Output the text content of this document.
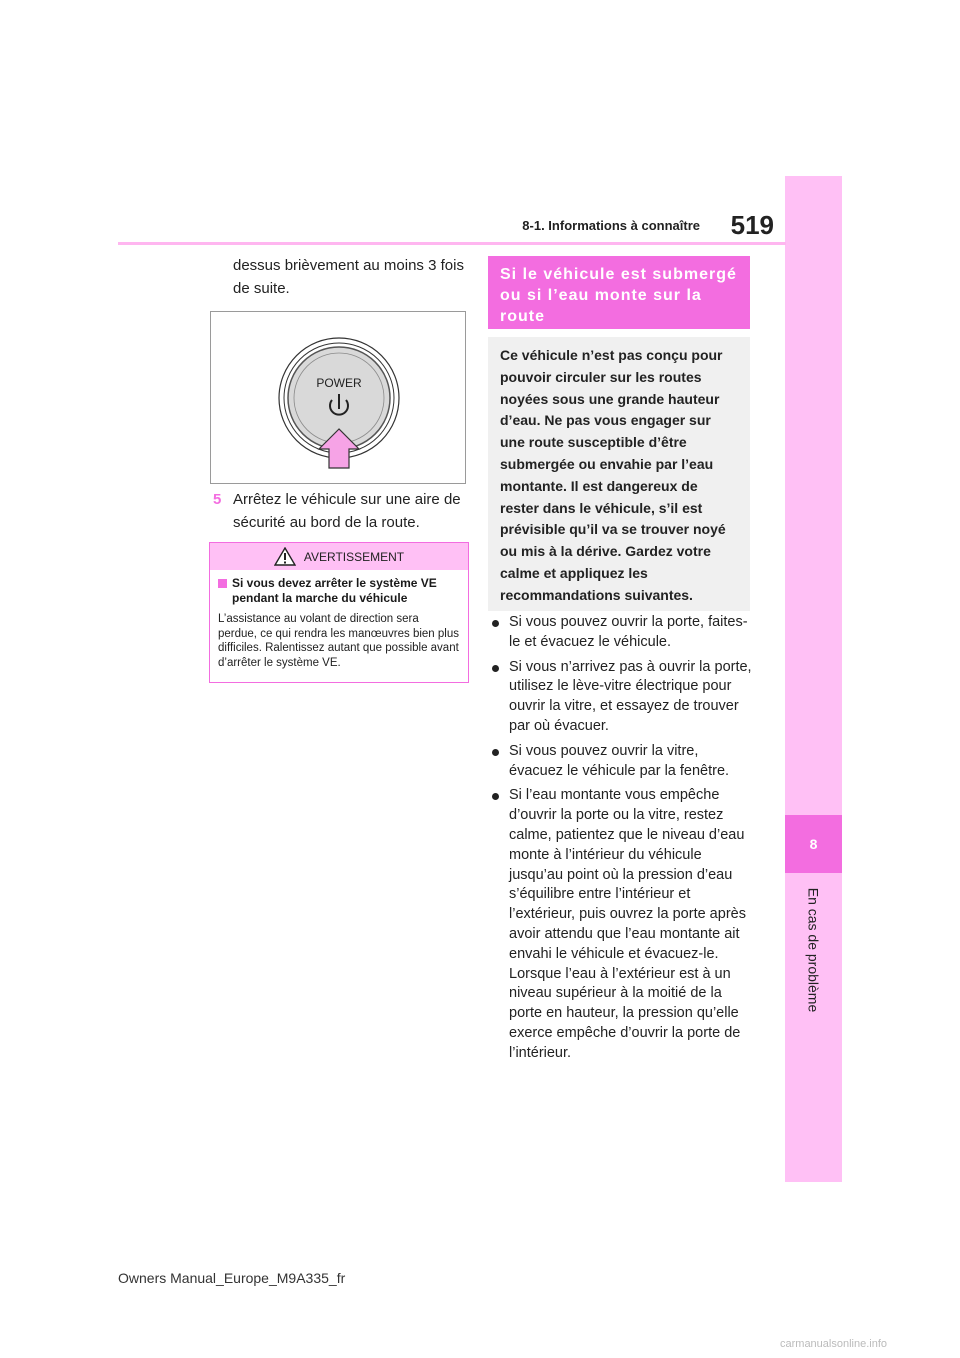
8
En cas de problème
8-1. Informations à connaître	519
dessus brièvement au moins 3 fois de suite.
POWER
5 Arrêtez le véhicule sur une aire de sécurité au bord de la route.
AVERTISSEMENT
Si vous devez arrêter le système VE pendant la marche du véhicule
L’assistance au volant de direction sera perdue, ce qui rendra les manœuvres bien plus difficiles. Ralentissez autant que possible avant d’arrêter le système VE.
Si le véhicule est submergé ou si l’eau monte sur la route
Ce véhicule n’est pas conçu pour pouvoir circuler sur les routes noyées sous une grande hauteur d’eau. Ne pas vous engager sur une route susceptible d’être submergée ou envahie par l’eau montante. Il est dangereux de rester dans le véhicule, s’il est prévisible qu’il va se trouver noyé ou mis à la dérive. Gardez votre calme et appliquez les recommandations suivantes.
Si vous pouvez ouvrir la porte, faites-le et évacuez le véhicule.
Si vous n’arrivez pas à ouvrir la porte, utilisez le lève-vitre électrique pour ouvrir la vitre, et essayez de trouver par où évacuer.
Si vous pouvez ouvrir la vitre, évacuez le véhicule par la fenêtre.
Si l’eau montante vous empêche d’ouvrir la porte ou la vitre, restez calme, patientez que le niveau d’eau monte à l’intérieur du véhicule jusqu’au point où la pression d’eau s’équilibre entre l’intérieur et l’extérieur, puis ouvrez la porte après avoir attendu que l’eau montante ait envahi le véhicule et évacuez-le. Lorsque l’eau à l’extérieur est à un niveau supérieur à la moitié de la porte en hauteur, la pression qu’elle exerce empêche d’ouvrir la porte de l’intérieur.
Owners Manual_Europe_M9A335_fr
carmanualsonline.info
